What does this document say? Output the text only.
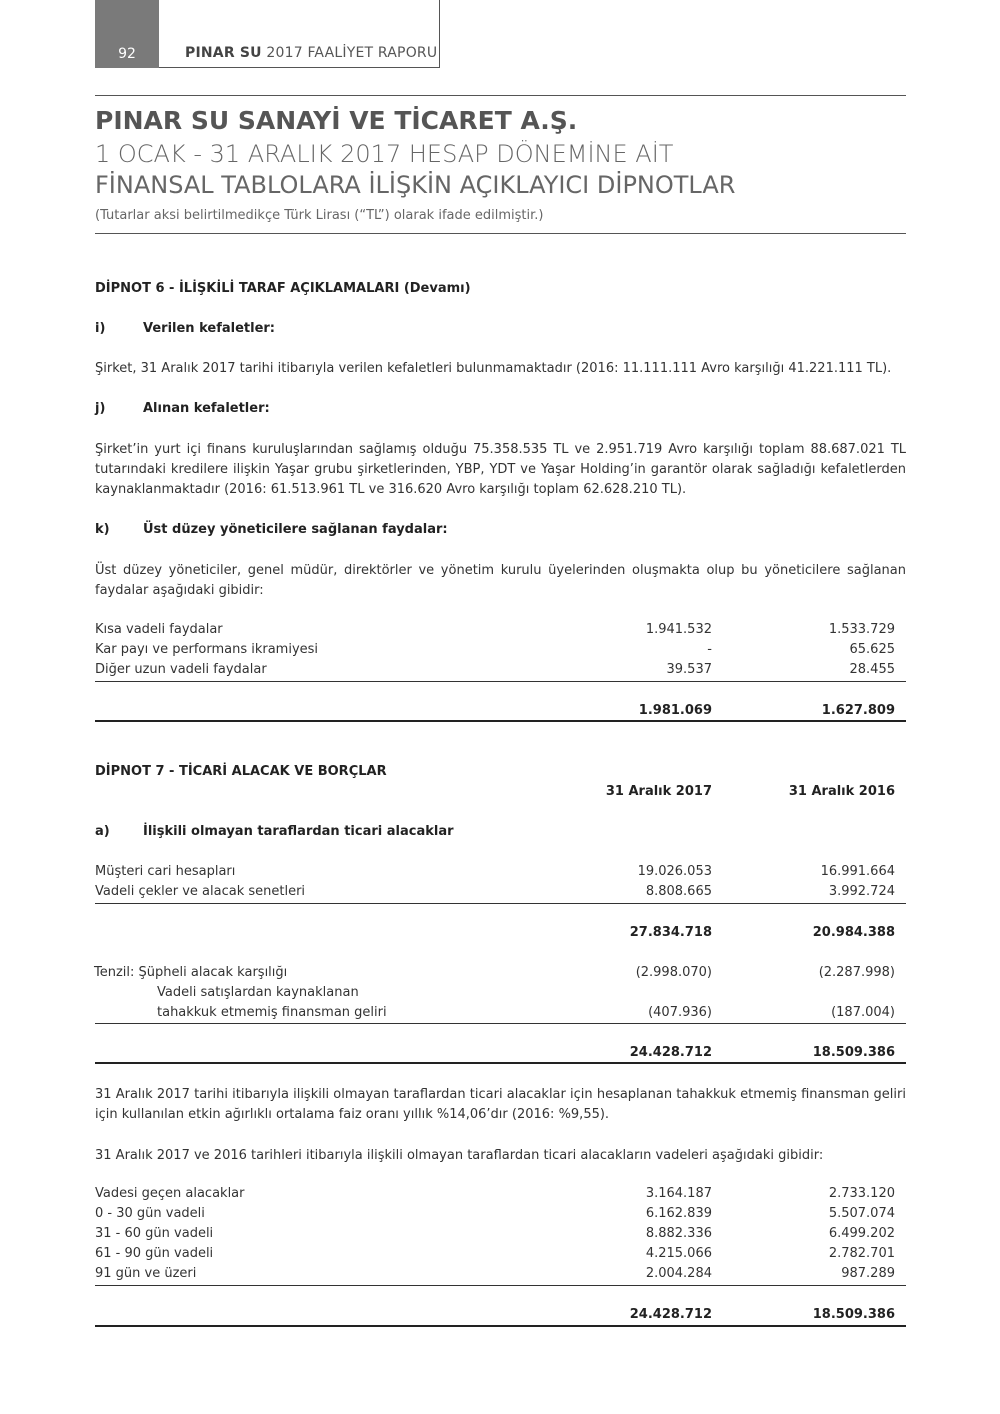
92	PINAR SU 2017 FAALİYET RAPORU
PINAR SU SANAYİ VE TİCARET A.Ş.
1 OCAK - 31 ARALIK 2017 HESAP DÖNEMİNE AİT
FİNANSAL TABLOLARA İLİŞKİN AÇIKLAYICI DİPNOTLAR
(Tutarlar aksi belirtilmedikçe Türk Lirası (“TL”) olarak ifade edilmiştir.)
DİPNOT 6 - İLİŞKİLİ TARAF AÇIKLAMALARI (Devamı)
i)	Verilen kefaletler:
Şirket, 31 Aralık 2017 tarihi itibarıyla verilen kefaletleri bulunmamaktadır (2016: 11.111.111 Avro karşılığı 41.221.111 TL).
j)	Alınan kefaletler:
Şirket’in yurt içi finans kuruluşlarından sağlamış olduğu 75.358.535 TL ve 2.951.719 Avro karşılığı toplam 88.687.021 TL tutarındaki kredilere ilişkin Yaşar grubu şirketlerinden, YBP, YDT ve Yaşar Holding’in garantör olarak sağladığı kefaletlerden kaynaklanmaktadır (2016: 61.513.961 TL ve 316.620 Avro karşılığı toplam 62.628.210 TL).
k)	Üst düzey yöneticilere sağlanan faydalar:
Üst düzey yöneticiler, genel müdür, direktörler ve yönetim kurulu üyelerinden oluşmakta olup bu yöneticilere sağlanan faydalar aşağıdaki gibidir:
Kısa vadeli faydalar	1.941.532	1.533.729
Kar payı ve performans ikramiyesi	-	65.625
Diğer uzun vadeli faydalar	39.537	28.455
1.981.069	1.627.809
DİPNOT 7 - TİCARİ ALACAK VE BORÇLAR
31 Aralık 2017	31 Aralık 2016
a)	İlişkili olmayan taraflardan ticari alacaklar
Müşteri cari hesapları	19.026.053	16.991.664
Vadeli çekler ve alacak senetleri	8.808.665	3.992.724
27.834.718	20.984.388
Tenzil: Şüpheli alacak karşılığı	(2.998.070)	(2.287.998)
Vadeli satışlardan kaynaklanan
tahakkuk etmemiş finansman geliri	(407.936)	(187.004)
24.428.712	18.509.386
31 Aralık 2017 tarihi itibarıyla ilişkili olmayan taraflardan ticari alacaklar için hesaplanan tahakkuk etmemiş finansman geliri için kullanılan etkin ağırlıklı ortalama faiz oranı yıllık %14,06’dır (2016: %9,55).
31 Aralık 2017 ve 2016 tarihleri itibarıyla ilişkili olmayan taraflardan ticari alacakların vadeleri aşağıdaki gibidir:
Vadesi geçen alacaklar	3.164.187	2.733.120
0 - 30 gün vadeli	6.162.839	5.507.074
31 - 60 gün vadeli	8.882.336	6.499.202
61 - 90 gün vadeli	4.215.066	2.782.701
91 gün ve üzeri	2.004.284	987.289
24.428.712	18.509.386
